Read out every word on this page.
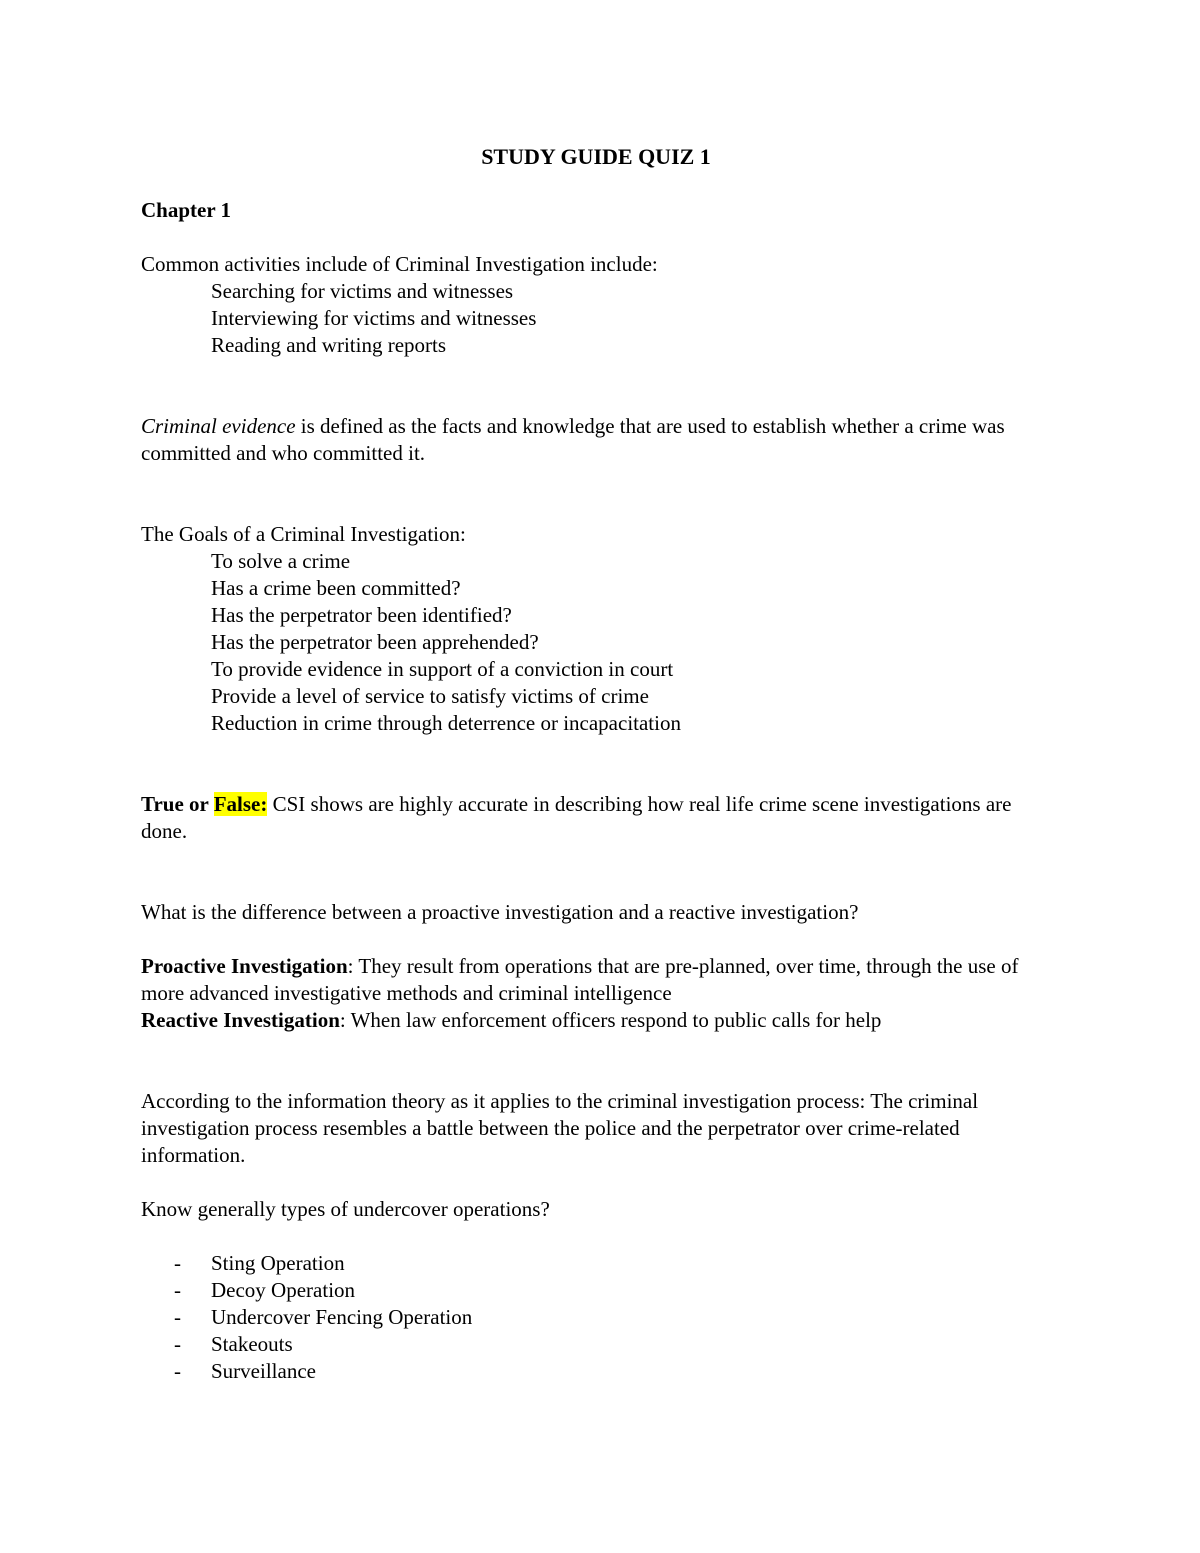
STUDY GUIDE QUIZ 1

Chapter 1

Common activities include of Criminal Investigation include:

Searching for victims and witnesses

Interviewing for victims and witnesses

Reading and writing reports

Criminal evidence is defined as the facts and knowledge that are used to establish whether a crime was committed and who committed it.

The Goals of a Criminal Investigation:

To solve a crime

Has a crime been committed?

Has the perpetrator been identified?

Has the perpetrator been apprehended?

To provide evidence in support of a conviction in court

Provide a level of service to satisfy victims of crime

Reduction in crime through deterrence or incapacitation

True or False: CSI shows are highly accurate in describing how real life crime scene investigations are done.

What is the difference between a proactive investigation and a reactive investigation?

Proactive Investigation: They result from operations that are pre-planned, over time, through the use of more advanced investigative methods and criminal intelligence

Reactive Investigation: When law enforcement officers respond to public calls for help

According to the information theory as it applies to the criminal investigation process: The criminal investigation process resembles a battle between the police and the perpetrator over crime-related information.

Know generally types of undercover operations?

- Sting Operation
- Decoy Operation
- Undercover Fencing Operation
- Stakeouts
- Surveillance
